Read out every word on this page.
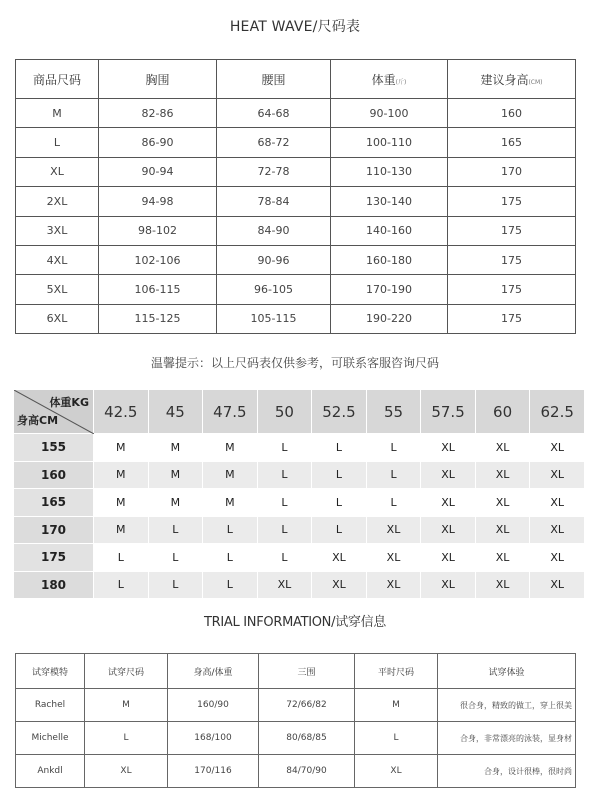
HEAT WAVE/尺码表
商品尺码	胸围	腰围	体重(斤)	建议身高(CM)
M	82-86	64-68	90-100	160
L	86-90	68-72	100-110	165
XL	90-94	72-78	110-130	170
2XL	94-98	78-84	130-140	175
3XL	98-102	84-90	140-160	175
4XL	102-106	90-96	160-180	175
5XL	106-115	96-105	170-190	175
6XL	115-125	105-115	190-220	175
温馨提示：以上尺码表仅供参考，可联系客服咨询尺码
体重KG
身高CM	42.5	45	47.5	50	52.5	55	57.5	60	62.5
155	M	M	M	L	L	L	XL	XL	XL
160	M	M	M	L	L	L	XL	XL	XL
165	M	M	M	L	L	L	XL	XL	XL
170	M	L	L	L	L	XL	XL	XL	XL
175	L	L	L	L	XL	XL	XL	XL	XL
180	L	L	L	XL	XL	XL	XL	XL	XL
TRIAL INFORMATION/试穿信息
试穿模特	试穿尺码	身高/体重	三围	平时尺码	试穿体验
Rachel	M	160/90	72/66/82	M	很合身，精致的做工，穿上很美
Michelle	L	168/100	80/68/85	L	合身，非常漂亮的泳装，显身材
Ankdl	XL	170/116	84/70/90	XL	合身，设计很棒，很时尚
